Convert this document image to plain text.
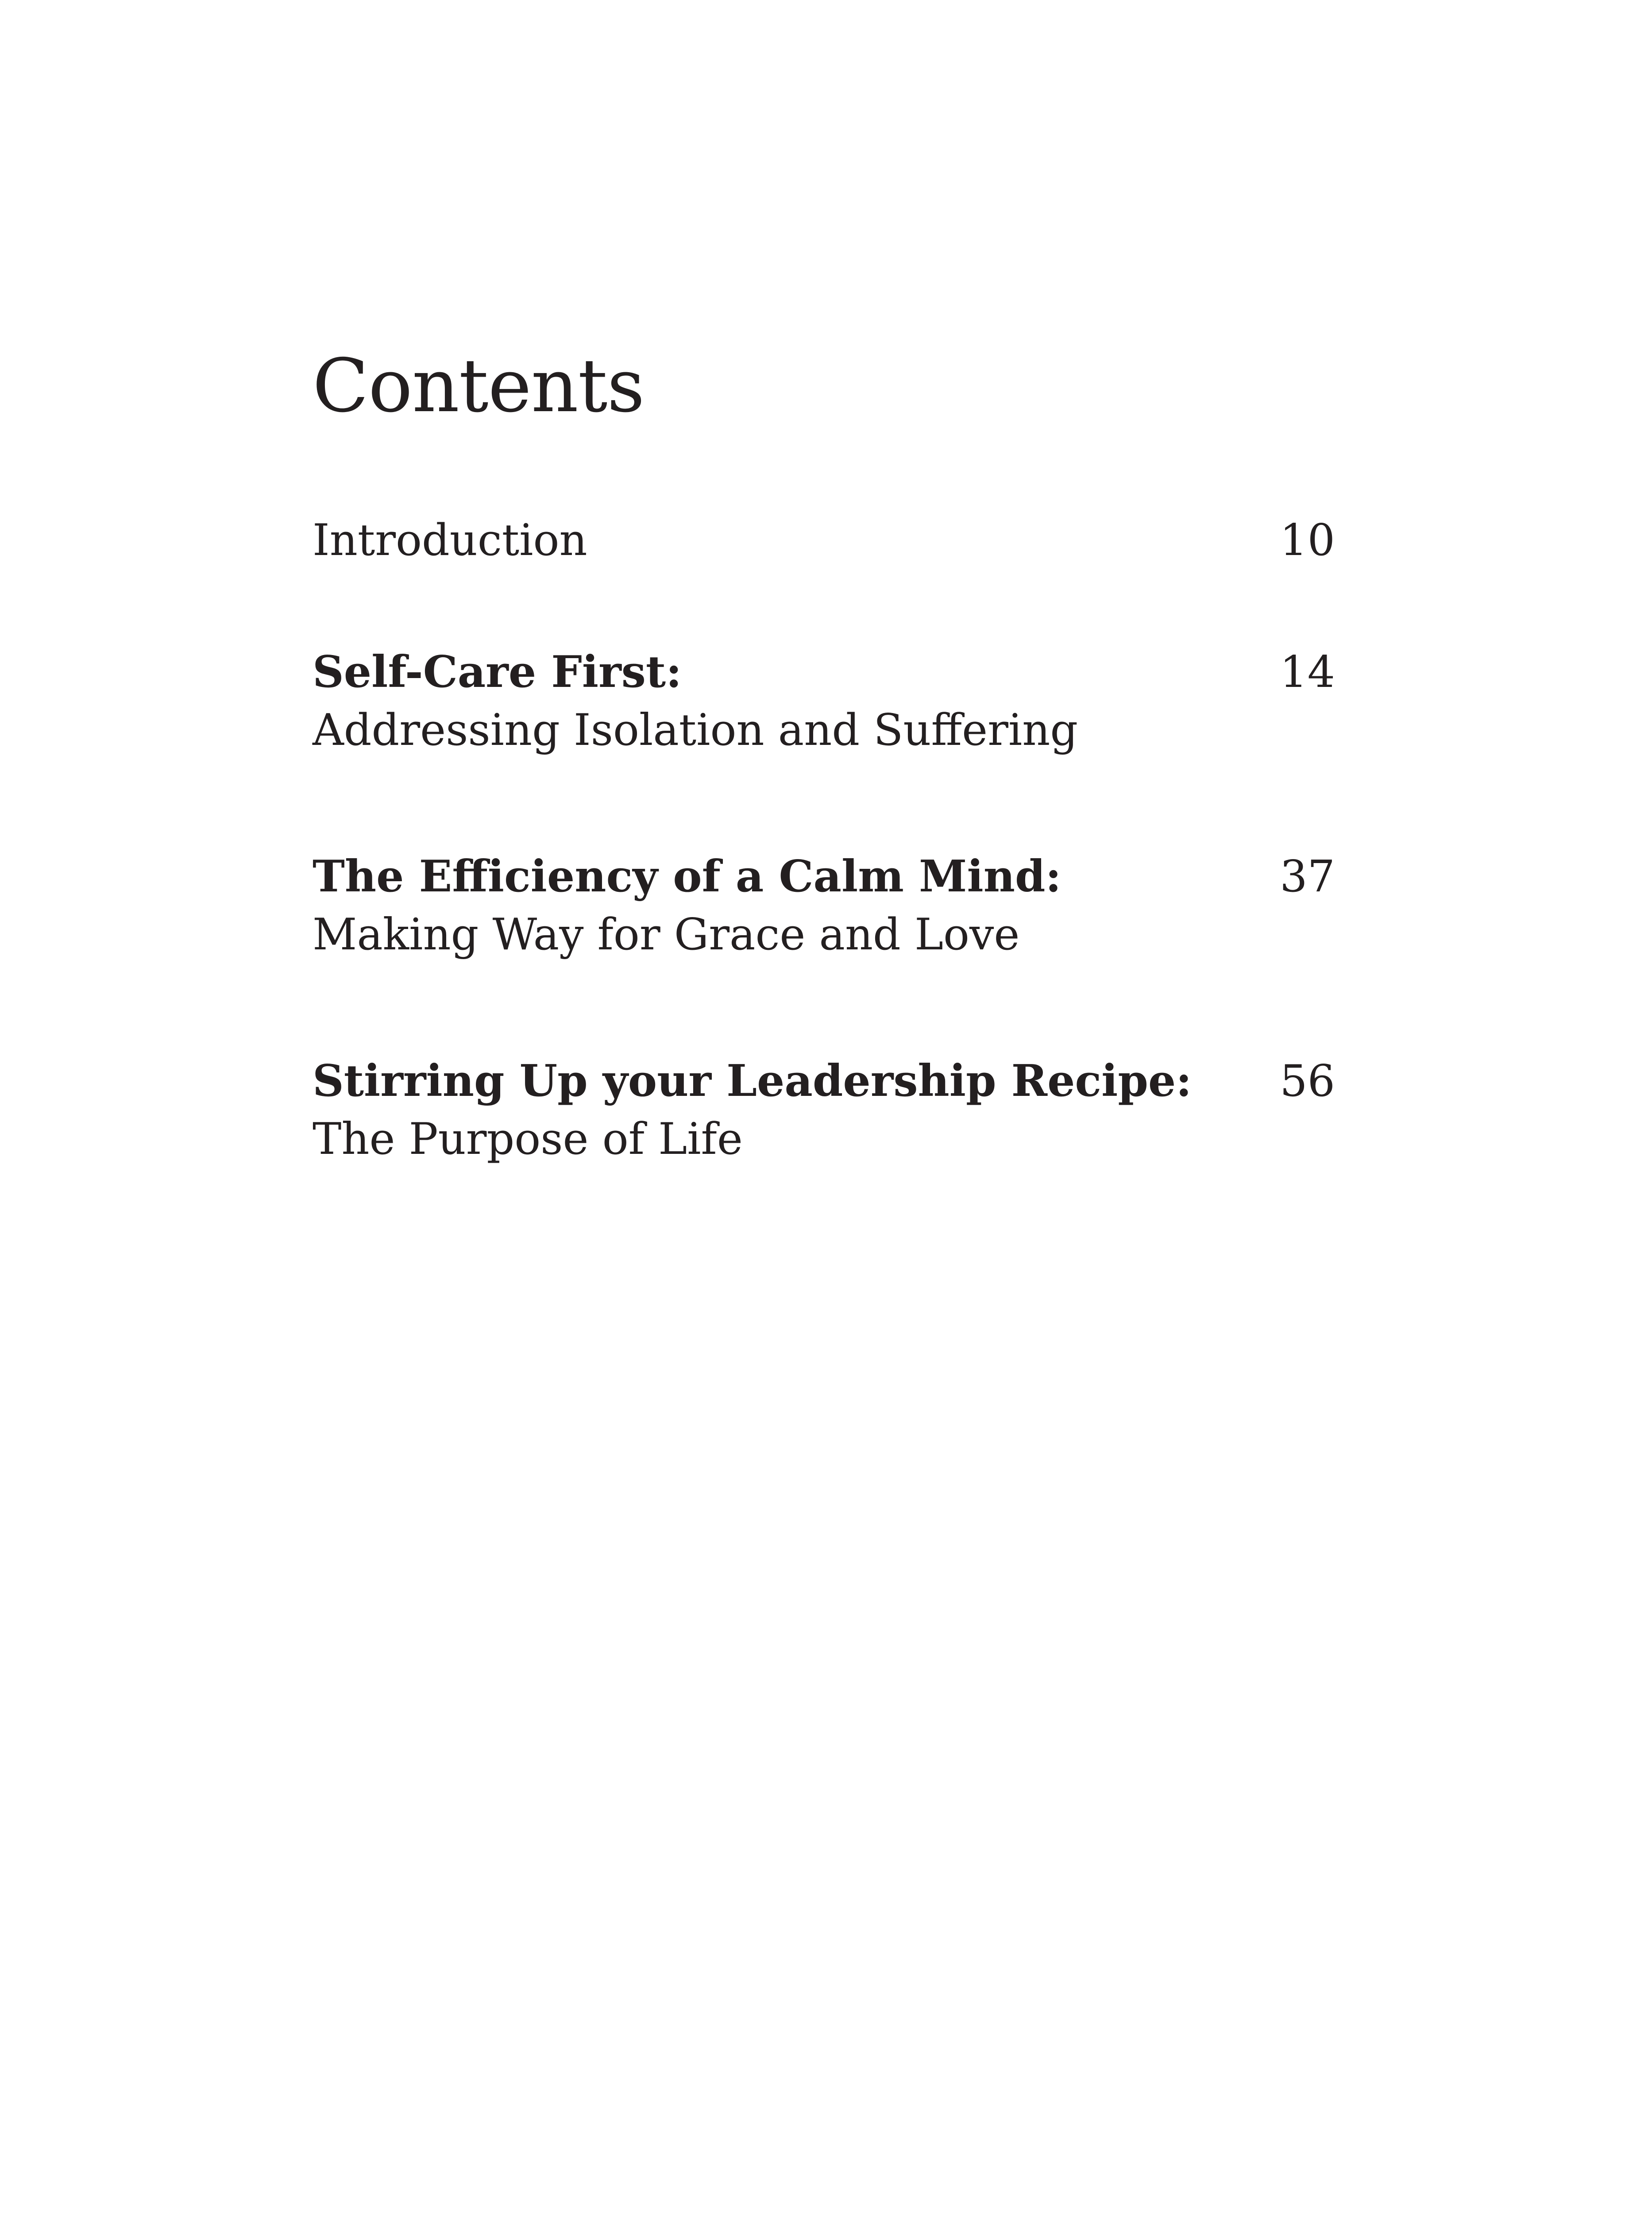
Contents
Introduction	10
Self-Care First:
Addressing Isolation and Suffering
14
The Efficiency of a Calm Mind:
Making Way for Grace and Love
37
Stirring Up your Leadership Recipe:
The Purpose of Life
56
